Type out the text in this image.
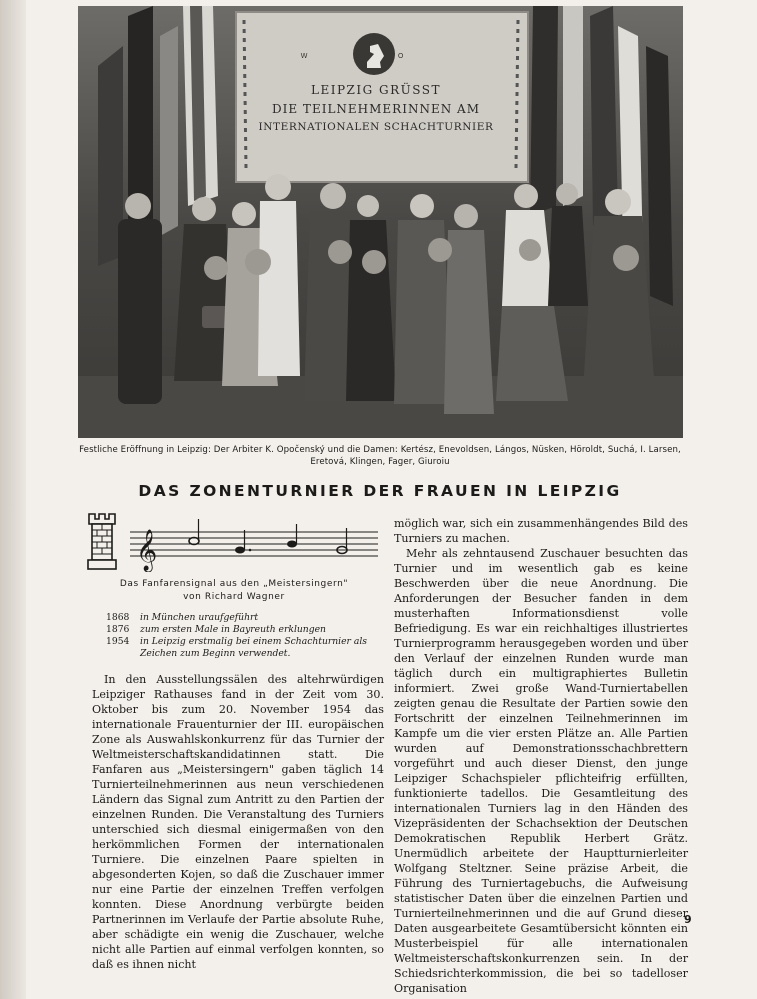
W O
LEIPZIG GRÜSST
DIE TEILNEHMERINNEN AM
INTERNATIONALEN SCHACHTURNIER
Festliche Eröffnung in Leipzig: Der Arbiter K. Opočenský und die Damen: Kertész, Enevoldsen, Lángos, Nüsken, Höroldt, Suchá, I. Larsen, Eretová, Klingen, Fager, Giuroiu
DAS ZONENTURNIER DER FRAUEN IN LEIPZIG
𝄞
Das Fanfarensignal aus den „Meistersingern"
von Richard Wagner
1868	in München uraufgeführt
1876	zum ersten Male in Bayreuth erklungen
1954	in Leipzig erstmalig bei einem Schachturnier als Zeichen zum Beginn verwendet.

In den Ausstellungssälen des altehrwürdigen Leipziger Rathauses fand in der Zeit vom 30. Oktober bis zum 20. November 1954 das internationale Frauenturnier der III. europäischen Zone als Auswahlskonkurrenz für das Turnier der Weltmeisterschaftskandidatinnen statt. Die Fanfaren aus „Meistersingern" gaben täglich 14 Turnierteilnehmerinnen aus neun verschiedenen Ländern das Signal zum Antritt zu den Partien der einzelnen Runden. Die Veranstaltung des Turniers unterschied sich diesmal einigermaßen von den herkömmlichen Formen der internationalen Turniere. Die einzelnen Paare spielten in abgesonderten Kojen, so daß die Zuschauer immer nur eine Partie der einzelnen Treffen verfolgen konnten. Diese Anordnung verbürgte beiden Partnerinnen im Verlaufe der Partie absolute Ruhe, aber schädigte ein wenig die Zuschauer, welche nicht alle Partien auf einmal verfolgen konnten, so daß es ihnen nicht

möglich war, sich ein zusammenhängendes Bild des Turniers zu machen.

Mehr als zehntausend Zuschauer besuchten das Turnier und im wesentlich gab es keine Beschwerden über die neue Anordnung. Die Anforderungen der Besucher fanden in dem musterhaften Informationsdienst volle Befriedigung. Es war ein reichhaltiges illustriertes Turnierprogramm herausgegeben worden und über den Verlauf der einzelnen Runden wurde man täglich durch ein multigraphiertes Bulletin informiert. Zwei große Wand-Turniertabellen zeigten genau die Resultate der Partien sowie den Fortschritt der einzelnen Teilnehmerinnen im Kampfe um die vier ersten Plätze an. Alle Partien wurden auf Demonstrationsschachbrettern vorgeführt und auch dieser Dienst, den junge Leipziger Schachspieler pflichteifrig erfüllten, funktionierte tadellos. Die Gesamtleitung des internationalen Turniers lag in den Händen des Vizepräsidenten der Schachsektion der Deutschen Demokratischen Republik Herbert Grätz. Unermüdlich arbeitete der Hauptturnierleiter Wolfgang Steltzner. Seine präzise Arbeit, die Führung des Turniertagebuchs, die Aufweisung statistischer Daten über die einzelnen Partien und Turnierteilnehmerinnen und die auf Grund dieser Daten ausgearbeitete Gesamtübersicht könnten ein Musterbeispiel für alle internationalen Weltmeisterschaftskonkurrenzen sein. In der Schiedsrichterkommission, die bei so tadelloser Organisation

9
